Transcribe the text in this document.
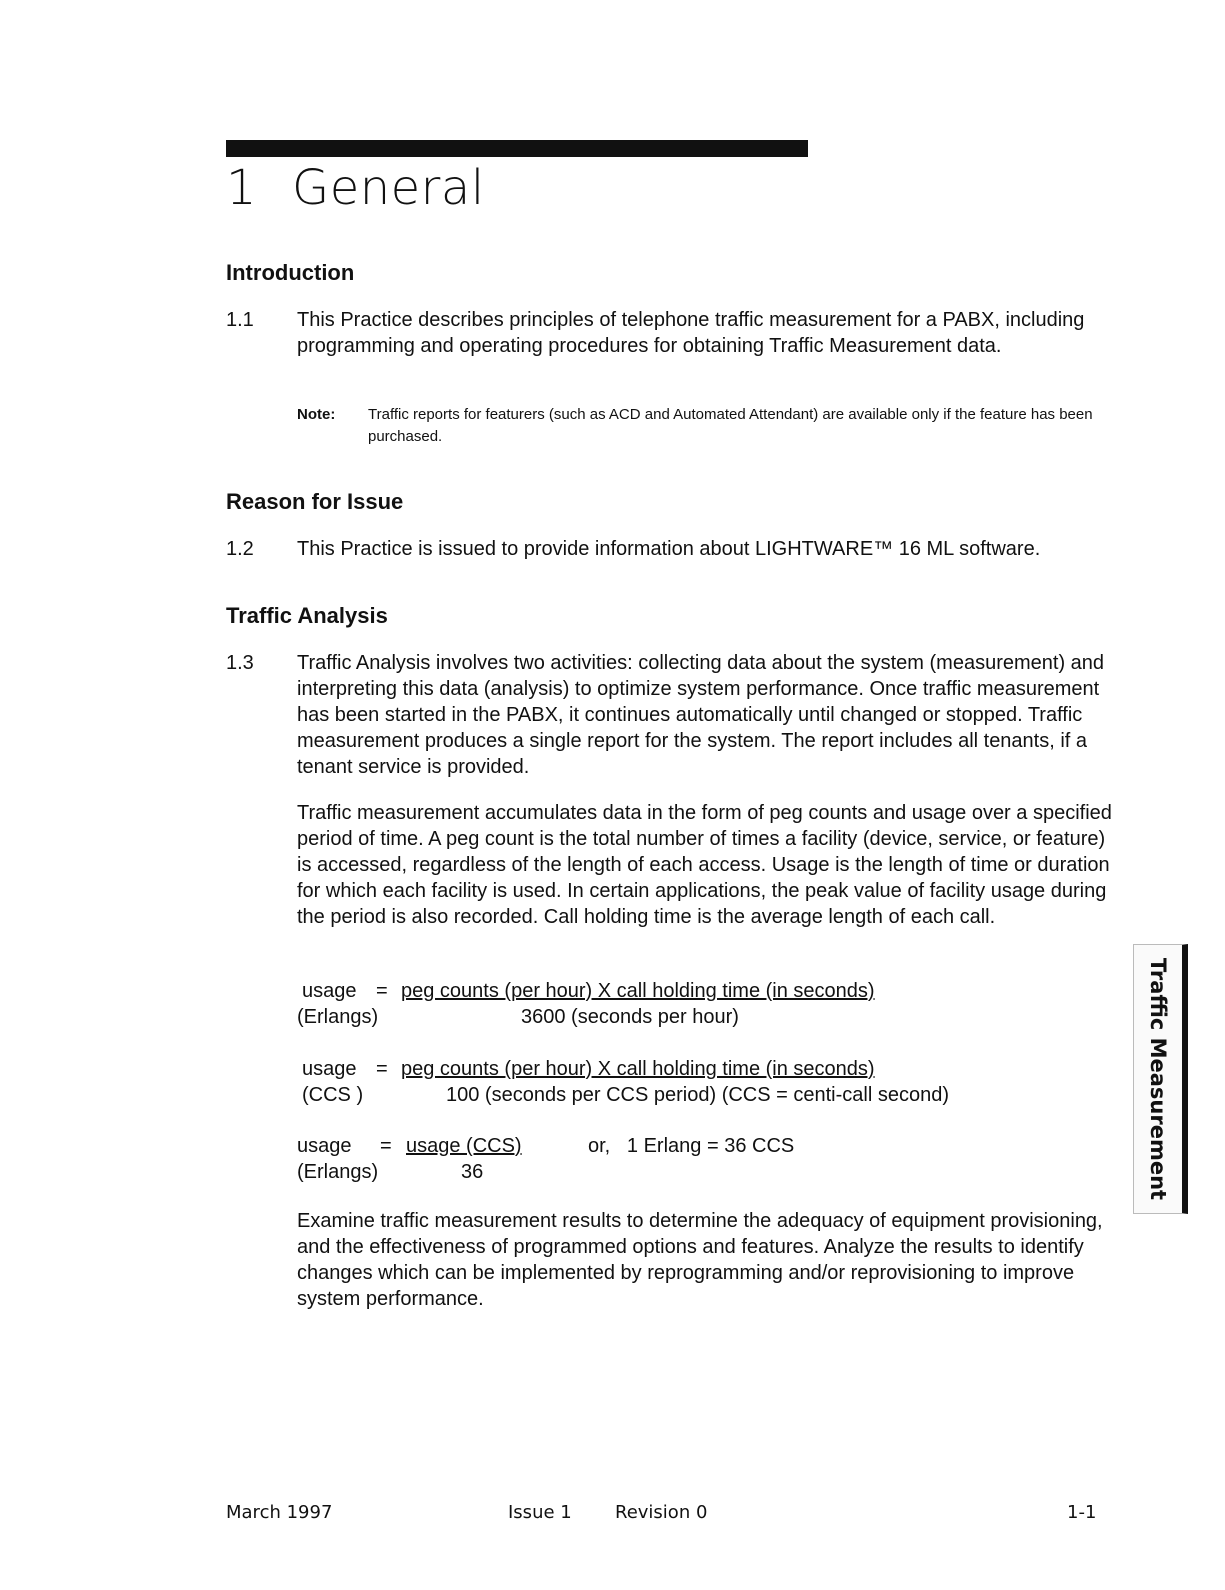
1 General
Introduction
1.1 This Practice describes principles of telephone traffic measurement for a PABX, including programming and operating procedures for obtaining Traffic Measurement data.

Note: Traffic reports for featurers (such as ACD and Automated Attendant) are available only if the feature has been purchased.
Reason for Issue
1.2 This Practice is issued to provide information about LIGHTWARE™ 16 ML software.

Traffic Analysis
1.3 Traffic Analysis involves two activities: collecting data about the system (measurement) and interpreting this data (analysis) to optimize system performance. Once traffic measurement has been started in the PABX, it continues automatically until changed or stopped. Traffic measurement produces a single report for the system. The report includes all tenants, if a tenant service is provided.

Traffic measurement accumulates data in the form of peg counts and usage over a specified period of time. A peg count is the total number of times a facility (device, service, or feature) is accessed, regardless of the length of each access. Usage is the length of time or duration for which each facility is used. In certain applications, the peak value of facility usage during the period is also recorded. Call holding time is the average length of each call.

usage = peg counts (per hour) X call holding time (in seconds)
(Erlangs)	3600 (seconds per hour)
usage = peg counts (per hour) X call holding time (in seconds)
(CCS )	100 (seconds per CCS period) (CCS = centi-call second)
usage = usage (CCS)	or,   1 Erlang = 36 CCS
(Erlangs)	36

Examine traffic measurement results to determine the adequacy of equipment provisioning, and the effectiveness of programmed options and features. Analyze the results to identify changes which can be implemented by reprogramming and/or reprovisioning to improve system performance.

Traffic Measurement
March 1997	Issue 1 Revision 0	1-1
